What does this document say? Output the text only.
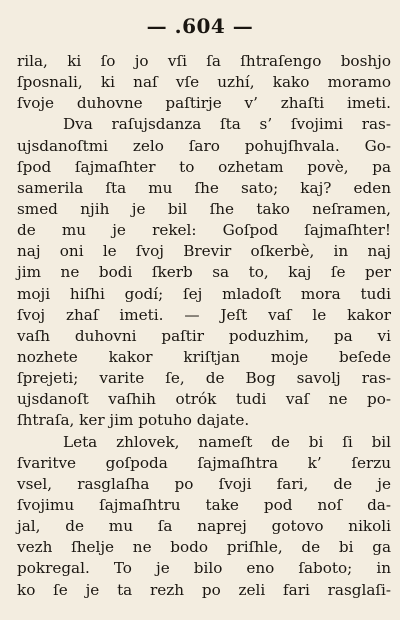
— .604 —
rila, ki ſo jo vſi ſa ſhtraſengo boshjo
ſposnali, ki naſ vſe uzhí, kako moramo
ſvoje duhovne paſtirje v’ zhaſti imeti.
Dva raſujsdanza ſta s’ ſvojimi ras-
ujsdanoſtmi zelo ſaro pohujſhvala. Go-
ſpod ſajmaſhter to ozhetam povè, pa
samerila ſta mu ſhe sato; kaj? eden
smed njih je bil ſhe tako neſramen,
de mu je rekel: Goſpod ſajmaſhter!
naj oni le ſvoj Brevir oſkerbè, in naj
jim ne bodi ſkerb sa to, kaj ſe per
moji hiſhi godí; ſej mladoſt mora tudi
ſvoj zhaſ imeti. — Jeſt vaſ le kakor
vaſh duhovni paſtir poduzhim, pa vi
nozhete kakor kriſtjan moje beſede
ſprejeti; varite ſe, de Bog savolj ras-
ujsdanoſt vaſhih otrók tudi vaſ ne po-
ſhtraſa, ker jim potuho dajate.
Leta zhlovek, nameſt de bi ſi bil
ſvaritve goſpoda ſajmaſhtra k’ ſerzu
vsel, rasglaſha po ſvoji fari, de je
ſvojimu ſajmaſhtru take pod noſ da-
jal, de mu ſa naprej gotovo nikoli
vezh ſhelje ne bodo priſhle, de bi ga
pokregal. To je bilo eno ſaboto; in
ko ſe je ta rezh po zeli fari rasglaſi-
